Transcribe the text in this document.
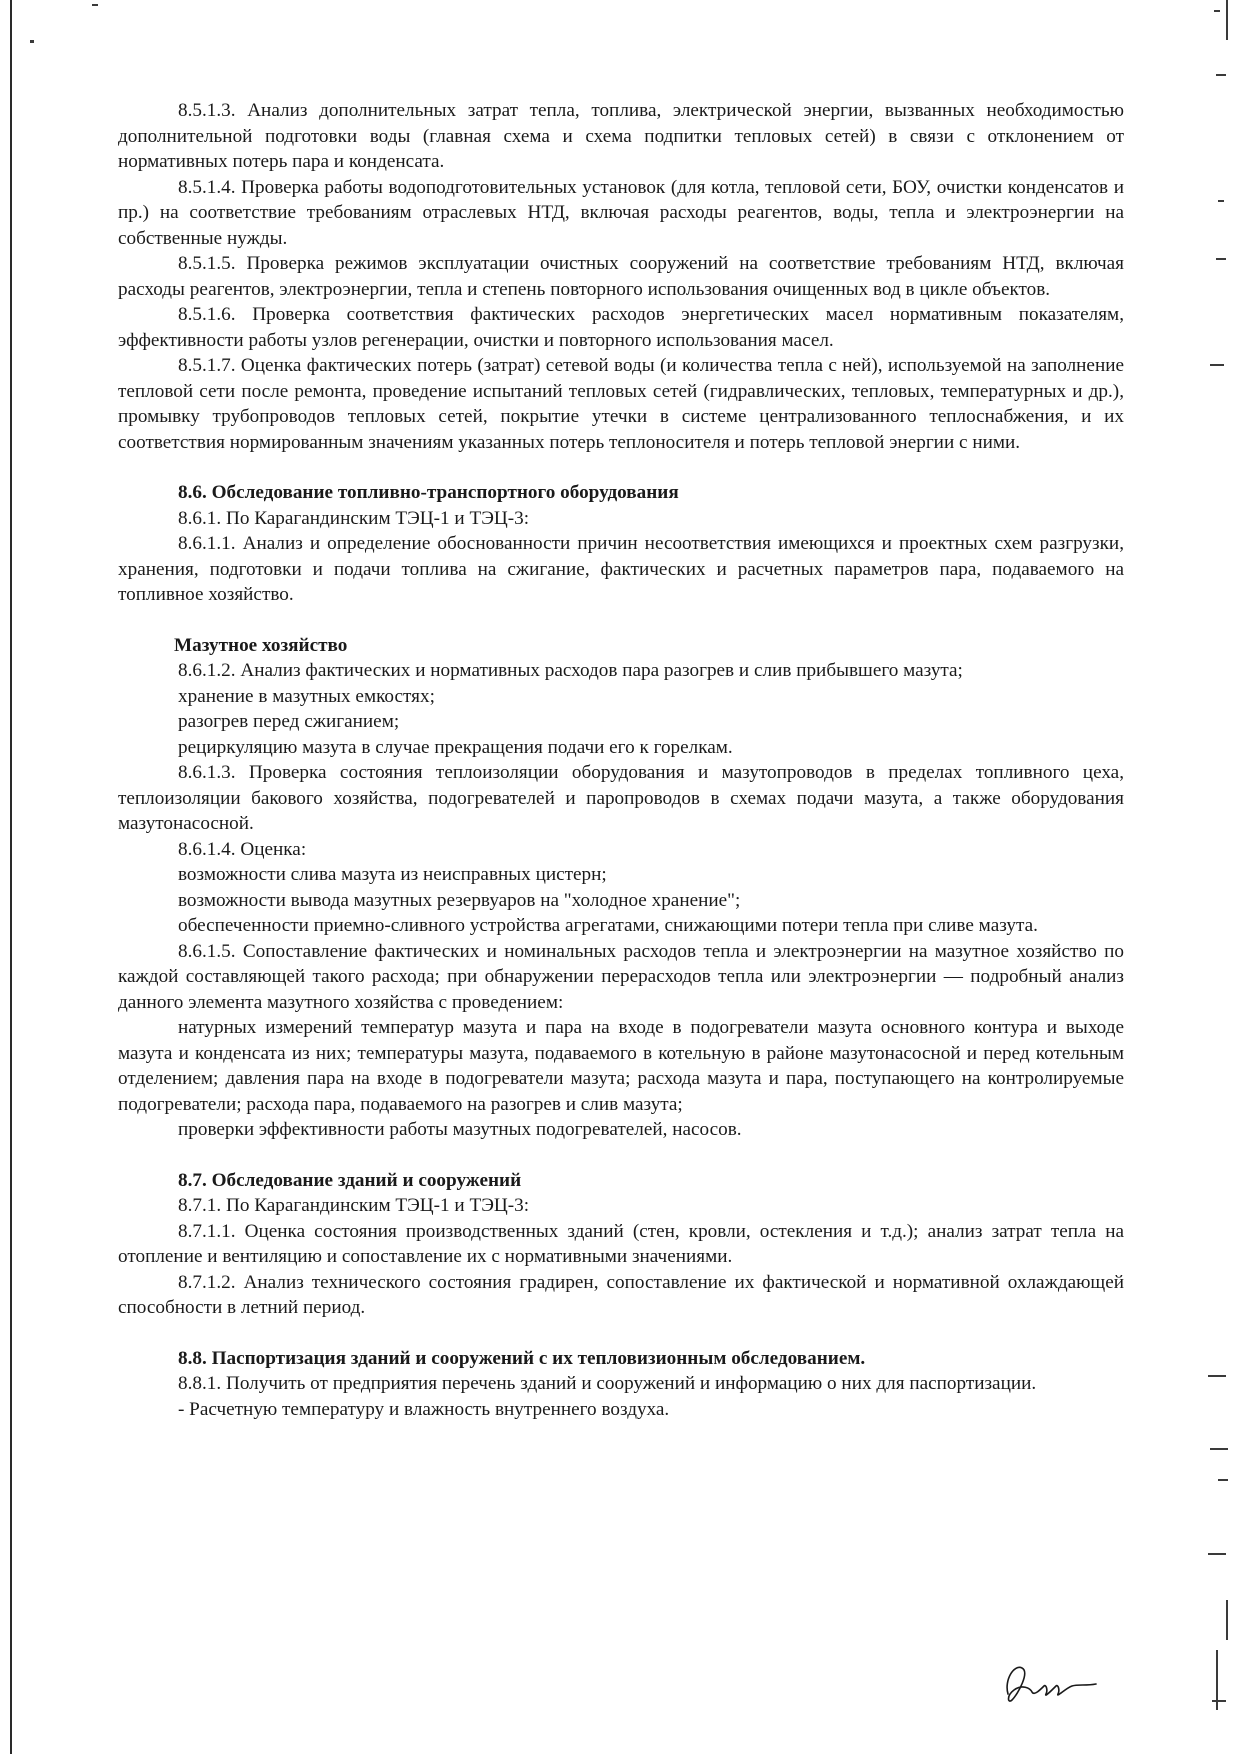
8.5.1.3. Анализ дополнительных затрат тепла, топлива, электрической энергии, вызванных необходимостью дополнительной подготовки воды (главная схема и схема подпитки тепловых сетей) в связи с отклонением от нормативных потерь пара и конденсата.

8.5.1.4. Проверка работы водоподготовительных установок (для котла, тепловой сети, БОУ, очистки конденсатов и пр.) на соответствие требованиям отраслевых НТД, включая расходы реагентов, воды, тепла и электроэнергии на собственные нужды.

8.5.1.5. Проверка режимов эксплуатации очистных сооружений на соответствие требованиям НТД, включая расходы реагентов, электроэнергии, тепла и степень повторного использования очищенных вод в цикле объектов.

8.5.1.6. Проверка соответствия фактических расходов энергетических масел нормативным показателям, эффективности работы узлов регенерации, очистки и повторного использования масел.

8.5.1.7. Оценка фактических потерь (затрат) сетевой воды (и количества тепла с ней), используемой на заполнение тепловой сети после ремонта, проведение испытаний тепловых сетей (гидравлических, тепловых, температурных и др.), промывку трубопроводов тепловых сетей, покрытие утечки в системе централизованного теплоснабжения, и их соответствия нормированным значениям указанных потерь теплоносителя и потерь тепловой энергии с ними.

8.6. Обследование топливно-транспортного оборудования

8.6.1. По Карагандинским ТЭЦ-1 и ТЭЦ-3:

8.6.1.1. Анализ и определение обоснованности причин несоответствия имеющихся и проектных схем разгрузки, хранения, подготовки и подачи топлива на сжигание, фактических и расчетных параметров пара, подаваемого на топливное хозяйство.

Мазутное хозяйство

8.6.1.2. Анализ фактических и нормативных расходов пара разогрев и слив прибывшего мазута;

хранение в мазутных емкостях;

разогрев перед сжиганием;

рециркуляцию мазута в случае прекращения подачи его к горелкам.

8.6.1.3. Проверка состояния теплоизоляции оборудования и мазутопроводов в пределах топливного цеха, теплоизоляции бакового хозяйства, подогревателей и паропроводов в схемах подачи мазута, а также оборудования мазутонасосной.

8.6.1.4. Оценка:

возможности слива мазута из неисправных цистерн;

возможности вывода мазутных резервуаров на "холодное хранение";

обеспеченности приемно-сливного устройства агрегатами, снижающими потери тепла при сливе мазута.

8.6.1.5. Сопоставление фактических и номинальных расходов тепла и электроэнергии на мазутное хозяйство по каждой составляющей такого расхода; при обнаружении перерасходов тепла или электроэнергии — подробный анализ данного элемента мазутного хозяйства с проведением:

натурных измерений температур мазута и пара на входе в подогреватели мазута основного контура и выходе мазута и конденсата из них; температуры мазута, подаваемого в котельную в районе мазутонасосной и перед котельным отделением; давления пара на входе в подогреватели мазута; расхода мазута и пара, поступающего на контролируемые подогреватели; расхода пара, подаваемого на разогрев и слив мазута;

проверки эффективности работы мазутных подогревателей, насосов.

8.7. Обследование зданий и сооружений

8.7.1. По Карагандинским ТЭЦ-1 и ТЭЦ-3:

8.7.1.1. Оценка состояния производственных зданий (стен, кровли, остекления и т.д.); анализ затрат тепла на отопление и вентиляцию и сопоставление их с нормативными значениями.

8.7.1.2. Анализ технического состояния градирен, сопоставление их фактической и нормативной охлаждающей способности в летний период.

8.8. Паспортизация зданий и сооружений с их тепловизионным обследованием.

8.8.1. Получить от предприятия перечень зданий и сооружений и информацию о них для паспортизации.

- Расчетную температуру и влажность внутреннего воздуха.
